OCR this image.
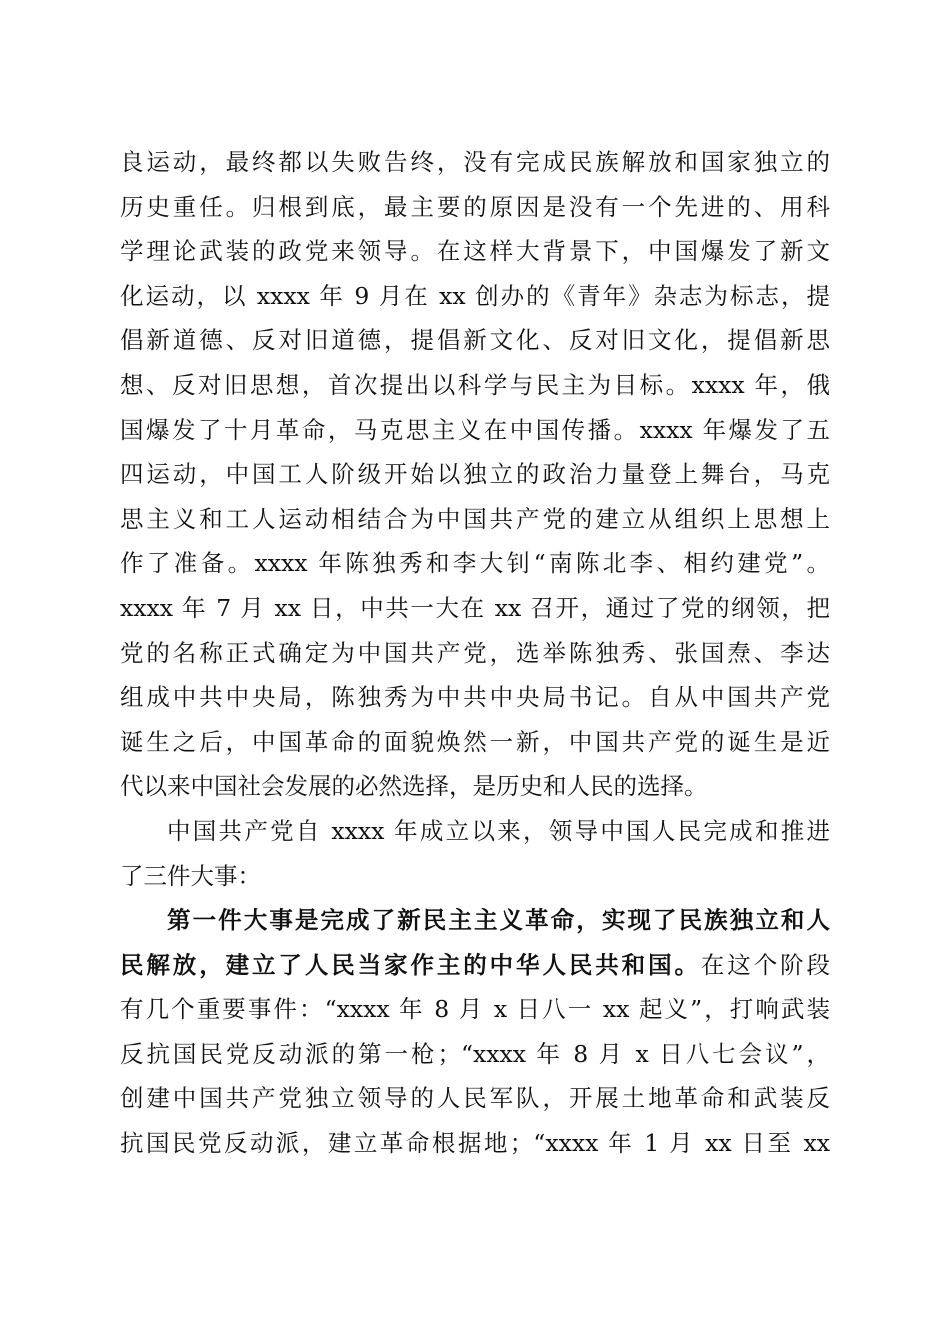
良运动，最终都以失败告终，没有完成民族解放和国家独立的
历史重任。归根到底，最主要的原因是没有一个先进的、用科
学理论武装的政党来领导。在这样大背景下，中国爆发了新文
化运动，以 xxxx 年 9 月在 xx 创办的《青年》杂志为标志，提
倡新道德、反对旧道德，提倡新文化、反对旧文化，提倡新思
想、反对旧思想，首次提出以科学与民主为目标。xxxx 年，俄
国爆发了十月革命，马克思主义在中国传播。xxxx 年爆发了五
四运动，中国工人阶级开始以独立的政治力量登上舞台，马克
思主义和工人运动相结合为中国共产党的建立从组织上思想上
作了准备。xxxx 年陈独秀和李大钊“南陈北李、相约建党”。
xxxx 年 7 月 xx 日，中共一大在 xx 召开，通过了党的纲领，把
党的名称正式确定为中国共产党，选举陈独秀、张国焘、李达
组成中共中央局，陈独秀为中共中央局书记。自从中国共产党
诞生之后，中国革命的面貌焕然一新，中国共产党的诞生是近
代以来中国社会发展的必然选择，是历史和人民的选择。
中国共产党自 xxxx 年成立以来，领导中国人民完成和推进
了三件大事：
第一件大事是完成了新民主主义革命，实现了民族独立和人
民解放，建立了人民当家作主的中华人民共和国。在这个阶段
有几个重要事件：“xxxx 年 8 月 x 日八一 xx 起义”，打响武装
反抗国民党反动派的第一枪；“xxxx 年 8 月 x 日八七会议”，
创建中国共产党独立领导的人民军队，开展土地革命和武装反
抗国民党反动派，建立革命根据地；“xxxx 年 1 月 xx 日至 xx
